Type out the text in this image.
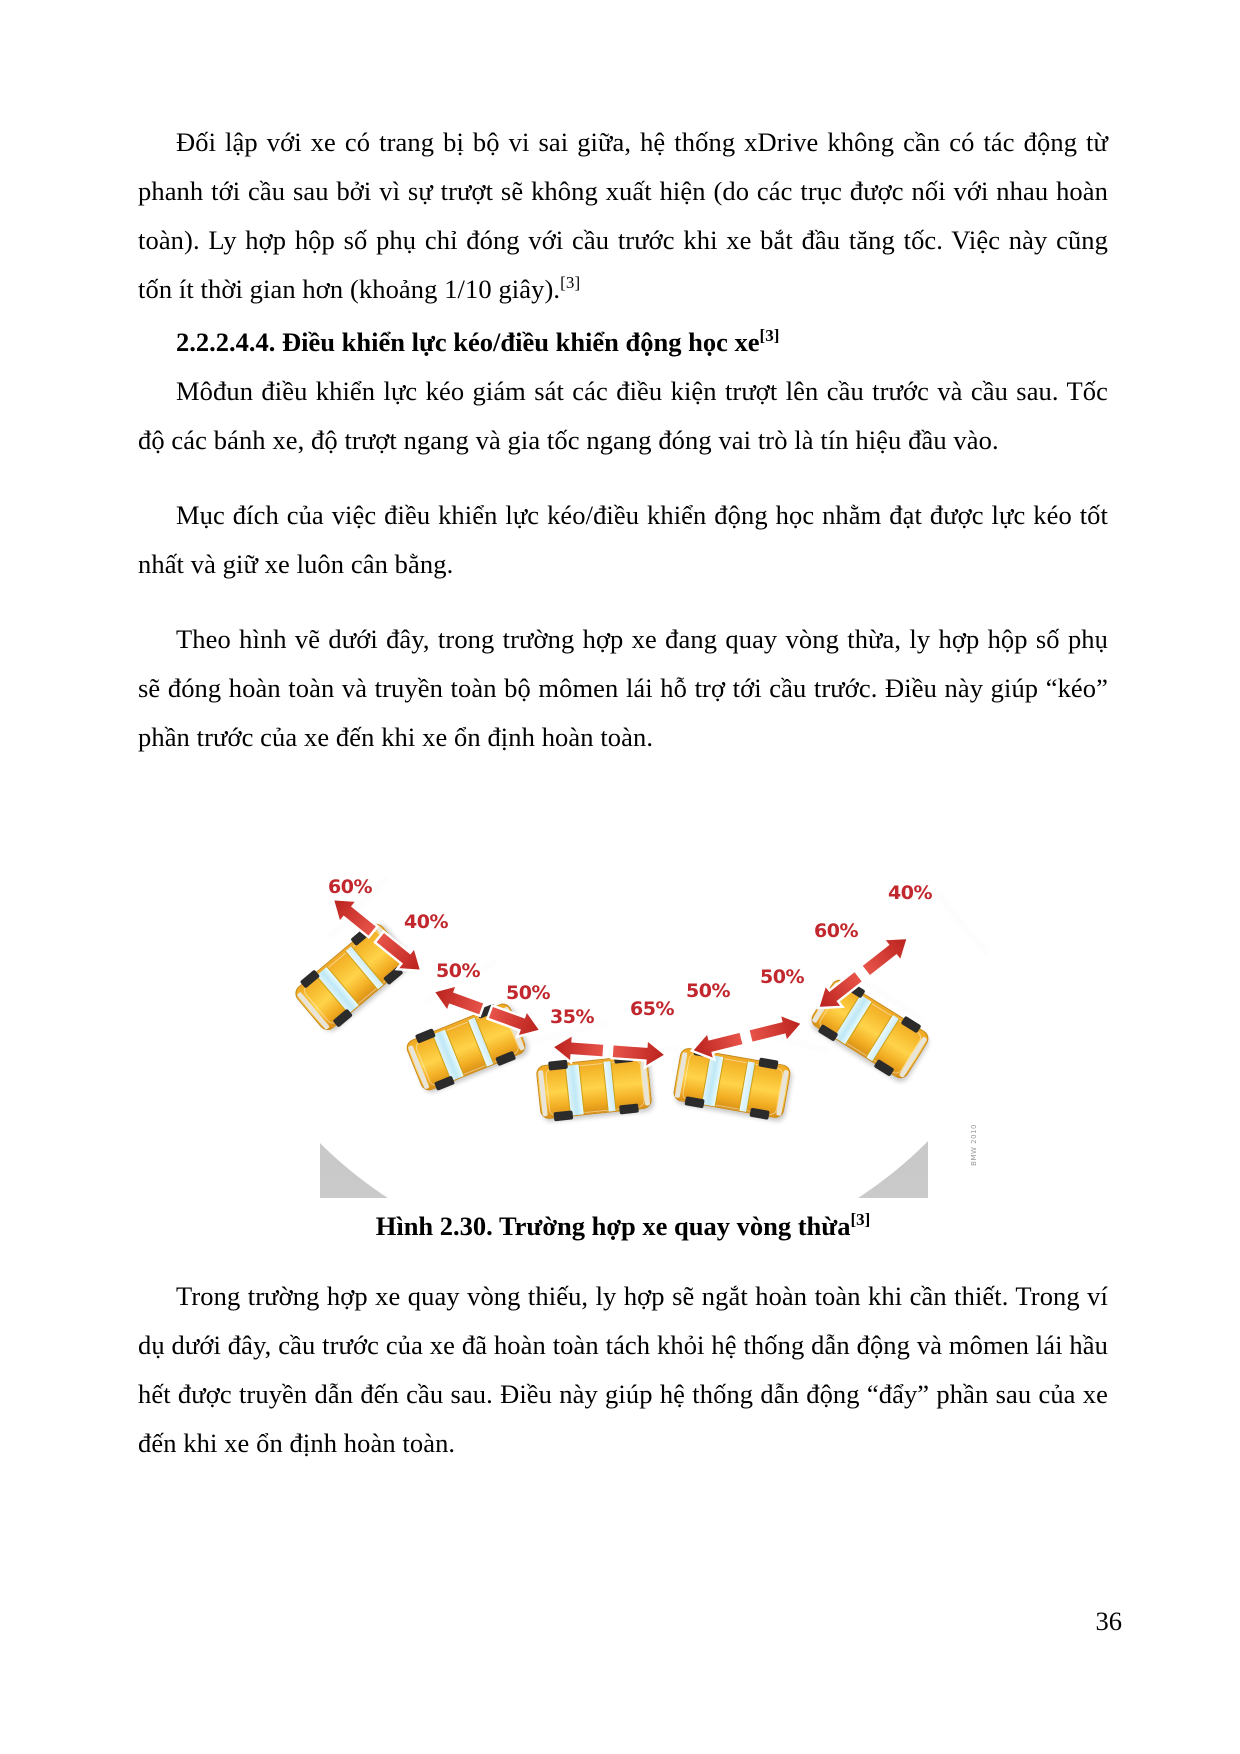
Đối lập với xe có trang bị bộ vi sai giữa, hệ thống xDrive không cần có tác động từ phanh tới cầu sau bởi vì sự trượt sẽ không xuất hiện (do các trục được nối với nhau hoàn toàn). Ly hợp hộp số phụ chỉ đóng với cầu trước khi xe bắt đầu tăng tốc. Việc này cũng tốn ít thời gian hơn (khoảng 1/10 giây).[3]

2.2.2.4.4. Điều khiển lực kéo/điều khiển động học xe[3]

Môđun điều khiển lực kéo giám sát các điều kiện trượt lên cầu trước và cầu sau. Tốc độ các bánh xe, độ trượt ngang và gia tốc ngang đóng vai trò là tín hiệu đầu vào.

Mục đích của việc điều khiển lực kéo/điều khiển động học nhằm đạt được lực kéo tốt nhất và giữ xe luôn cân bằng.

Theo hình vẽ dưới đây, trong trường hợp xe đang quay vòng thừa, ly hợp hộp số phụ sẽ đóng hoàn toàn và truyền toàn bộ mômen lái hỗ trợ tới cầu trước. Điều này giúp “kéo” phần trước của xe đến khi xe ổn định hoàn toàn.

60%
40%
50%
50%
35% 65%
50%
50%
60%
40%
BMW 2010
Hình 2.30. Trường hợp xe quay vòng thừa[3]

Trong trường hợp xe quay vòng thiếu, ly hợp sẽ ngắt hoàn toàn khi cần thiết. Trong ví dụ dưới đây, cầu trước của xe đã hoàn toàn tách khỏi hệ thống dẫn động và mômen lái hầu hết được truyền dẫn đến cầu sau. Điều này giúp hệ thống dẫn động “đẩy” phần sau của xe đến khi xe ổn định hoàn toàn.

36
